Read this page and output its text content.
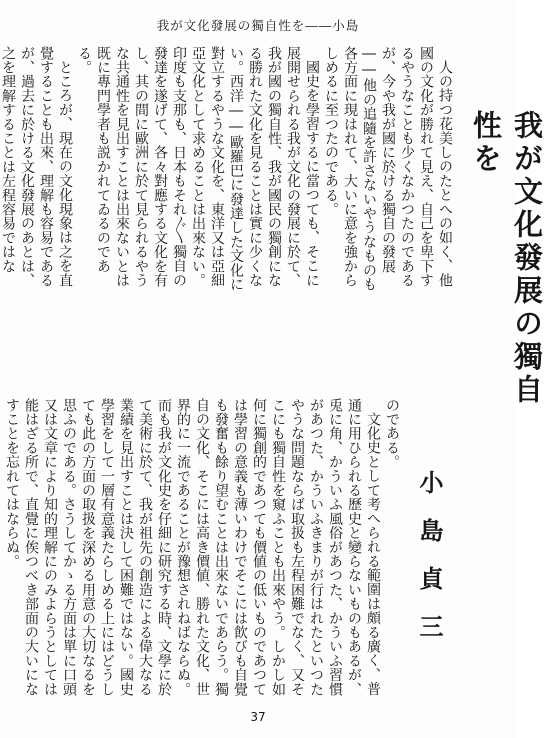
我が文化發展の獨自性を――小島

人の持つ花美しのたとへの如く、他國の文化が勝れて見え、自己を卑下するやうなことも少くなかつたのであるが、今や我が國に於ける獨自の發展――他の追隨を許さないやうなものも各方面に現はれて、大いに意を強からしめるに至つたのである。

國史を學習するに當つても、そこに展開せられる我が文化の發展に於て、我が國の獨自性、我が國民の獨創になる勝れた文化を見ることは實に少くない。西洋――歐羅巴に發達した文化に對立するやうな文化を、東洋又は亞細亞文化として求めることは出來ない。印度も支那も、日本もそれ〴〵獨自の發達を遂げて、各々對應する文化を有し、其の間に歐洲に於て見られるやうな共通性を見出すことは出來ないとは既に專門學者も説かれてゐるのである。

ところが、現在の文化現象は之を直覺することも出來、理解も容易であるが、過去に於ける文化發展のあとは、之を理解することは左程容易ではな	我が文化發展の獨自性を
小　島　貞　三

のである。

文化史として考へられる範圍は頗る廣く、普通に用ひられる歷史と變らないものもあるが、兎に角、かういふ風俗があつた、かういふ習慣があつた、かういふきまりが行はれたといつたやうな問題ならば取扱も左程困難でなく、又そこにも獨自性を窺ふことも出來やう。しかし如何に獨創的であつても價値の低いものであつては學習の意義も薄いわけでそこには飮びも自覺も發奮も餘り望むことは出來ないであらう。獨自の文化、そこには高き價値、勝れた文化、世界的に一流であることが豫想されねばならぬ。而も我が文化史を仔細に研究する時、文學に於て美術に於て、我が祖先の創造による偉大なる業績を見出すことは決して困難ではない。國史學習をして一層有意義たらしめる上にはどうしても此の方面の取扱を深める用意の大切なるを思ふのである。さうしてかゝる方面は單に口頭又は文章により知的理解にのみよらうとしては能はざる所で、直覺に俟つべき部面の大いになすことを忘れてはならぬ。

37
